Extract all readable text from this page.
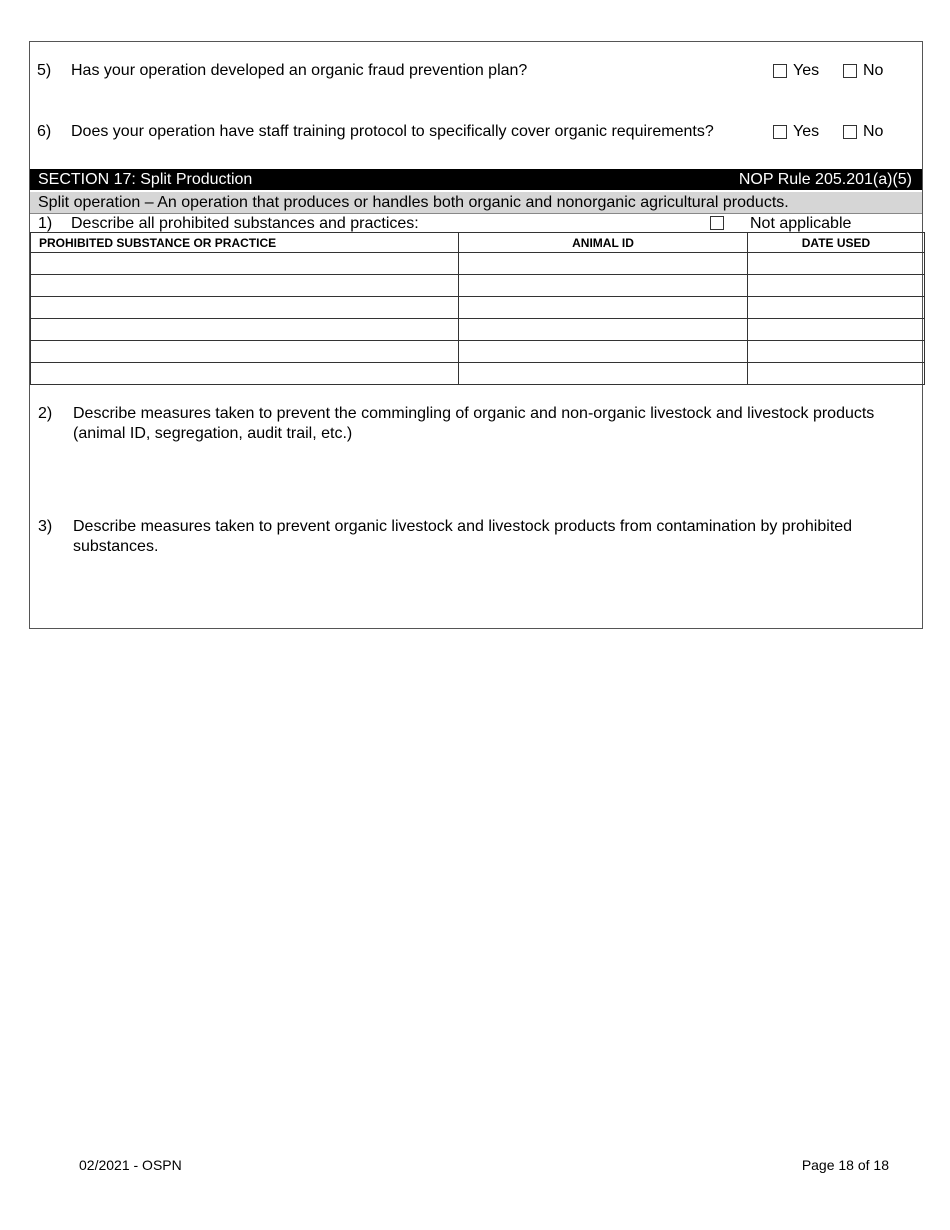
5) Has your operation developed an organic fraud prevention plan?	Yes	No
6) Does your operation have staff training protocol to specifically cover organic requirements?	Yes	No
SECTION 17: Split Production	NOP Rule 205.201(a)(5)
Split operation – An operation that produces or handles both organic and nonorganic agricultural products.
1) Describe all prohibited substances and practices:	Not applicable
PROHIBITED SUBSTANCE OR PRACTICE	ANIMAL ID	DATE USED

2) Describe measures taken to prevent the commingling of organic and non-organic livestock and livestock products (animal ID, segregation, audit trail, etc.)
3) Describe measures taken to prevent organic livestock and livestock products from contamination by prohibited substances.
02/2021 - OSPN	Page 18 of 18
